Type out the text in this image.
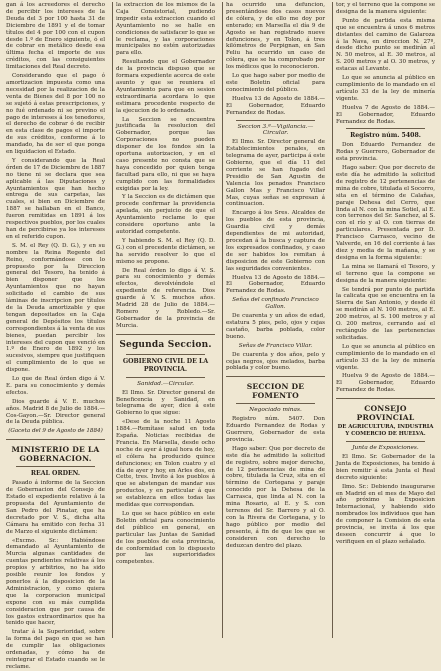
gan á los acreedores el derecho de percibir los intereses de la Deuda del 3 por 100 hasta 31 de Diciembre de 1891 y el de tomar títulos del 4 por 100 con el cupon desde 1.º de Enero siguiente, ó el de cobrar en metálico desde esa última fecha el importe de sus créditos, con las consiguientes limitaciones del Real decreto.

Considerando que el pago ó amortizacion impuesta como una necesidad por la realizacion de la venta de Bienes del 8 por 100 no se sujetó á estas prescripciones, y no fué ordenado ni se previno el pago de intereses á los tenedores, el derecho de cobrar ó de recibir en esta clase de pagos el importe de sus créditos, conforme á lo mandado, ha de ser el que ponga en liquidacion el Estado.

Y considerando que la Real órden de 17 de Diciembre de 1887 no tiene ni se declara que sea aplicable á las Diputaciones y Ayuntamientos que han hecho entrega de sus carpetas, las cuales, si bien en Diciembre de 1887 se hallaban en el Banco, fueron remitidas en 1891 á los respectivos pueblos, por los cuales han de percibirse ya los intereses en el referido cupon.

S. M. el Rey (Q. D. G.), y en su nombre la Reina Regente del Reino, conformándose con lo propuesto por la Direccion general del Tesoro, ha tenido á bien disponer que los Ayuntamientos que no hayan solicitado el cambio de sus láminas de inscripcion por títulos de la Deuda amortizable y que tengan depositados en la Caja general de Depósitos los títulos correspondientes á la venta de sus bienes, puedan percibir los intereses del cupon que venció en 1.º de Enero de 1892 y los sucesivos, siempre que justifiquen el cumplimiento de lo que se dispone.

Lo que de Real órden digo á V. E. para su conocimiento y demás efectos.

Dios guarde á V. E. muchos años. Madrid 8 de Julio de 1884.—Cos-Gayon.—Sr. Director general de la Deuda pública.

(Gaceta del 9 de Agosto de 1884)
MINISTERIO DE LA GOBERNACION.
REAL ORDEN.

Pasado á informe de la Seccion de Gobernacion del Consejo de Estado el expediente relativo á la propuesta del Ayuntamiento de San Pedro del Pinatar, que ha decretado por V. S., dicha alta Cámara ha emitido con fecha 31 de Marzo el siguiente dictámen:

«Excmo. Sr.: Habiéndose demandado al Ayuntamiento de Murcia algunas cantidades de cuentas pendientes relativas á los propios y arbitrios, no ha sido posible reunir los fondos y ponerlos á la disposicion de la Administracion, y como quiera que la corporacion municipal expone con su más cumplida consideracion que por causa de los gastos extraordinarios que ha tenido que hacer,

tratar á la Superioridad, sobre la forma del pago en que se han de cumplir las obligaciones ordenadas, y cómo ha de reintegrar el Estado cuando se le reclame.

la extraccion de los mismos de la Caja Consistorial, pudiendo impedir esta extraccion cuando el Ayuntamiento no se halle en condiciones de satisfacer lo que se le reclama, y las corporaciones municipales no estén autorizadas para ello.

Resultando que el Gobernador de la provincia dispuso que se formara expediente acerca de este asunto y que se reuniera el Ayuntamiento para que en sesion extraordinaria acordara lo que estimara procedente respecto de la ejecucion de lo ordenado.

La Seccion se encuentra justificada la resolucion del Gobernador, porque las Corporaciones no pueden disponer de los fondos sin la oportuna autorizacion, y en el caso presente no consta que se haya concedido por quien tenga facultad para ello, ni que se haya cumplido con las formalidades exigidas por la ley.

Y la Seccion es de dictámen que procede confirmar la providencia apelada, sin perjuicio de que el Ayuntamiento reclame lo que considere oportuno ante la autoridad competente.

Y habiendo S. M. el Rey (Q. D. G.) con el precedente dictámen, se ha servido resolver lo que el mismo se propone.

De Real órden lo digo á V. S. para su conocimiento y demás efectos, devolviéndole el expediente de referencia. Dios guarde á V. S. muchos años. Madrid 28 de Julio de 1884.—Romero y Robledo.—Sr. Gobernador de la provincia de Murcia.

Segunda Seccion.
GOBIERNO CIVIL DE LA PROVINCIA.
Sanidad.—Circular.

El Ilmo. Sr. Director general de Beneficencia y Sanidad, en telegrama de ayer, dice á este Gobierno lo que sigue:

«Dese de la noche 11 Agosto 1884.—Remítase salud en toda España. Noticias recibidas de Francia. En Marsella, desde ocho noche de ayer á igual hora de hoy, el cólera ha producido quince defunciones; en Tolon cuatro y el día de ayer y hoy, en Arles dos, en Cette, tres. Invito á los pueblos á que se abstengan de mandar sus productos, y en particular á que se establezca en ellos todas las medidas que correspondan.

Lo que se hace público en este Boletin oficial para conocimiento del público en general, en particular las Juntas de Sanidad de los pueblos de esta provincia, de conformidad con lo dispuesto por las superioridades competentes.

ha ocurrido una defuncion, presentándose dos casos nuevos de cólera, y de ello me doy por enterado; en Marsella el día 9 de Agosto se han registrado nueve defunciones, y en Tolon, á tres kilómetros de Perpignan, en San Feliu ha ocurrido un caso de cólera, que se ha comprobado por los médicos que lo reconocieron.

Lo que hago saber por medio de este Boletin oficial para conocimiento del público.

Huelva 13 de Agosto de 1884.—El Gobernador, Eduardo Fernandez de Rodas.

Seccion 3.ª—Vigilancia.—Circular.

El Ilmo. Sr. Director general de Establecimientos penales, en telegrama de ayer, participa á este Gobierno, que el día 11 del corriente se han fugado del Presidio de San Agustin de Valencia los penados Francisco Gallon Mas y Francisco Villar Mas, cuyas señas se expresan á continuacion.

Encargo á los Sres. Alcaldes de los pueblos de esta provincia, Guardia civil y demás dependientes de mi autoridad, procedan á la busca y captura de los expresados confinados, y caso de ser habidos los remitan á disposicion de este Gobierno con las seguridades convenientes.

Huelva 13 de Agosto de 1884.—El Gobernador, Eduardo Fernandez de Rodas.

Señas del confinado Francisco Gallon.

De cuarenta y un años de edad, estatura 5 pies, pelo, ojos y cejas castaño, barba poblada, color bueno.

Señas de Francisco Villar.

De cuarenta y dos años, pelo y cejas negros, ojos melados, barba poblada y color bueno.

SECCION DE FOMENTO
Negociado minas.

Registro núm. 5407. Don Eduardo Fernandez de Rodas y Guerrero, Gobernador de esta provincia.

Hago saber: Que por decreto de este día he admitido la solicitud de registro, sobre mejor derecho, de 12 pertenencias de mina de cobre, titulada la Cruz, sita en el término de Cortegana y paraje conocido por la Dehesa de la Carrasca, que linda al N. con la mina Rosario, al E. y S. con terrenos del Sr. Barrero y al O. con la Rivera de Cortegana, y lo hago público por medio del presente, á fin de que los que se consideren con derecho lo deduzcan dentro del plazo.

tor, y el terreno que la compone se designa de la manera siguiente:

Punto de partida esta misma que se encuentra á unos 6 metros distantes del camino de Galaroza á la Nava, en direccion N. 27º, desde dicho punto se medirán al N. 50 metros, al E. 30 metros, al S. 200 metros y al O. 30 metros, y estacas al Levante.

Lo que se anuncia al público en cumplimiento de lo mandado en el artículo 33 de la ley de minería vigente.

Huelva 7 de Agosto de 1884.—El Gobernador, Eduardo Fernandez de Rodas.

Registro núm. 5408.

Don Eduardo Fernandez de Rodas y Guerrero, Gobernador de esta provincia.

Hago saber: Que por decreto de este día he admitido la solicitud de registro de 12 pertenencias de mina de cobre, titulada el Socorro, sita en el término de Calañas, paraje Dehesa del Cerro, que linda al N. con la mina Sotiel, al E. con terrenos del Sr. Sanchez, al S. con el río y al O. con tierras de particulares. Presentada por D. Francisco Carrasco, vecino de Valverde, en 16 del corriente á las diez y media de la mañana, y se designa en la forma siguiente:

La mina se llamará el Tesoro, y el terreno que la compone se designa de la manera siguiente:

Se tendrá por punto de partida la calicata que se encuentra en la Sierra de San Antonio, y desde él se medirán al N. 100 metros, al E. 200 metros, al S. 100 metros y al O. 200 metros, cerrando así el rectángulo de las pertenencias solicitadas.

Lo que se anuncia al público en cumplimiento de lo mandado en el artículo 33 de la ley de minería vigente.

Huelva 9 de Agosto de 1884.—El Gobernador, Eduardo Fernandez de Rodas.

CONSEJO PROVINCIAL
DE AGRICULTURA, INDUSTRIA Y COMERCIO DE HUELVA.
Junta de Exposiciones.

El Ilmo. Sr. Gobernador de la Junta de Exposiciones, ha tenido á bien remitir á esta Junta el Real decreto siguiente:

Ilmo. Sr.: Debiendo inaugurarse en Madrid en el mes de Mayo del año próximo la Exposicion Internacional, y habiendo sido nombrados los individuos que han de componer la Comision de esta provincia, se invita á los que deseen concurrir á que lo verifiquen en el plazo señalado.
